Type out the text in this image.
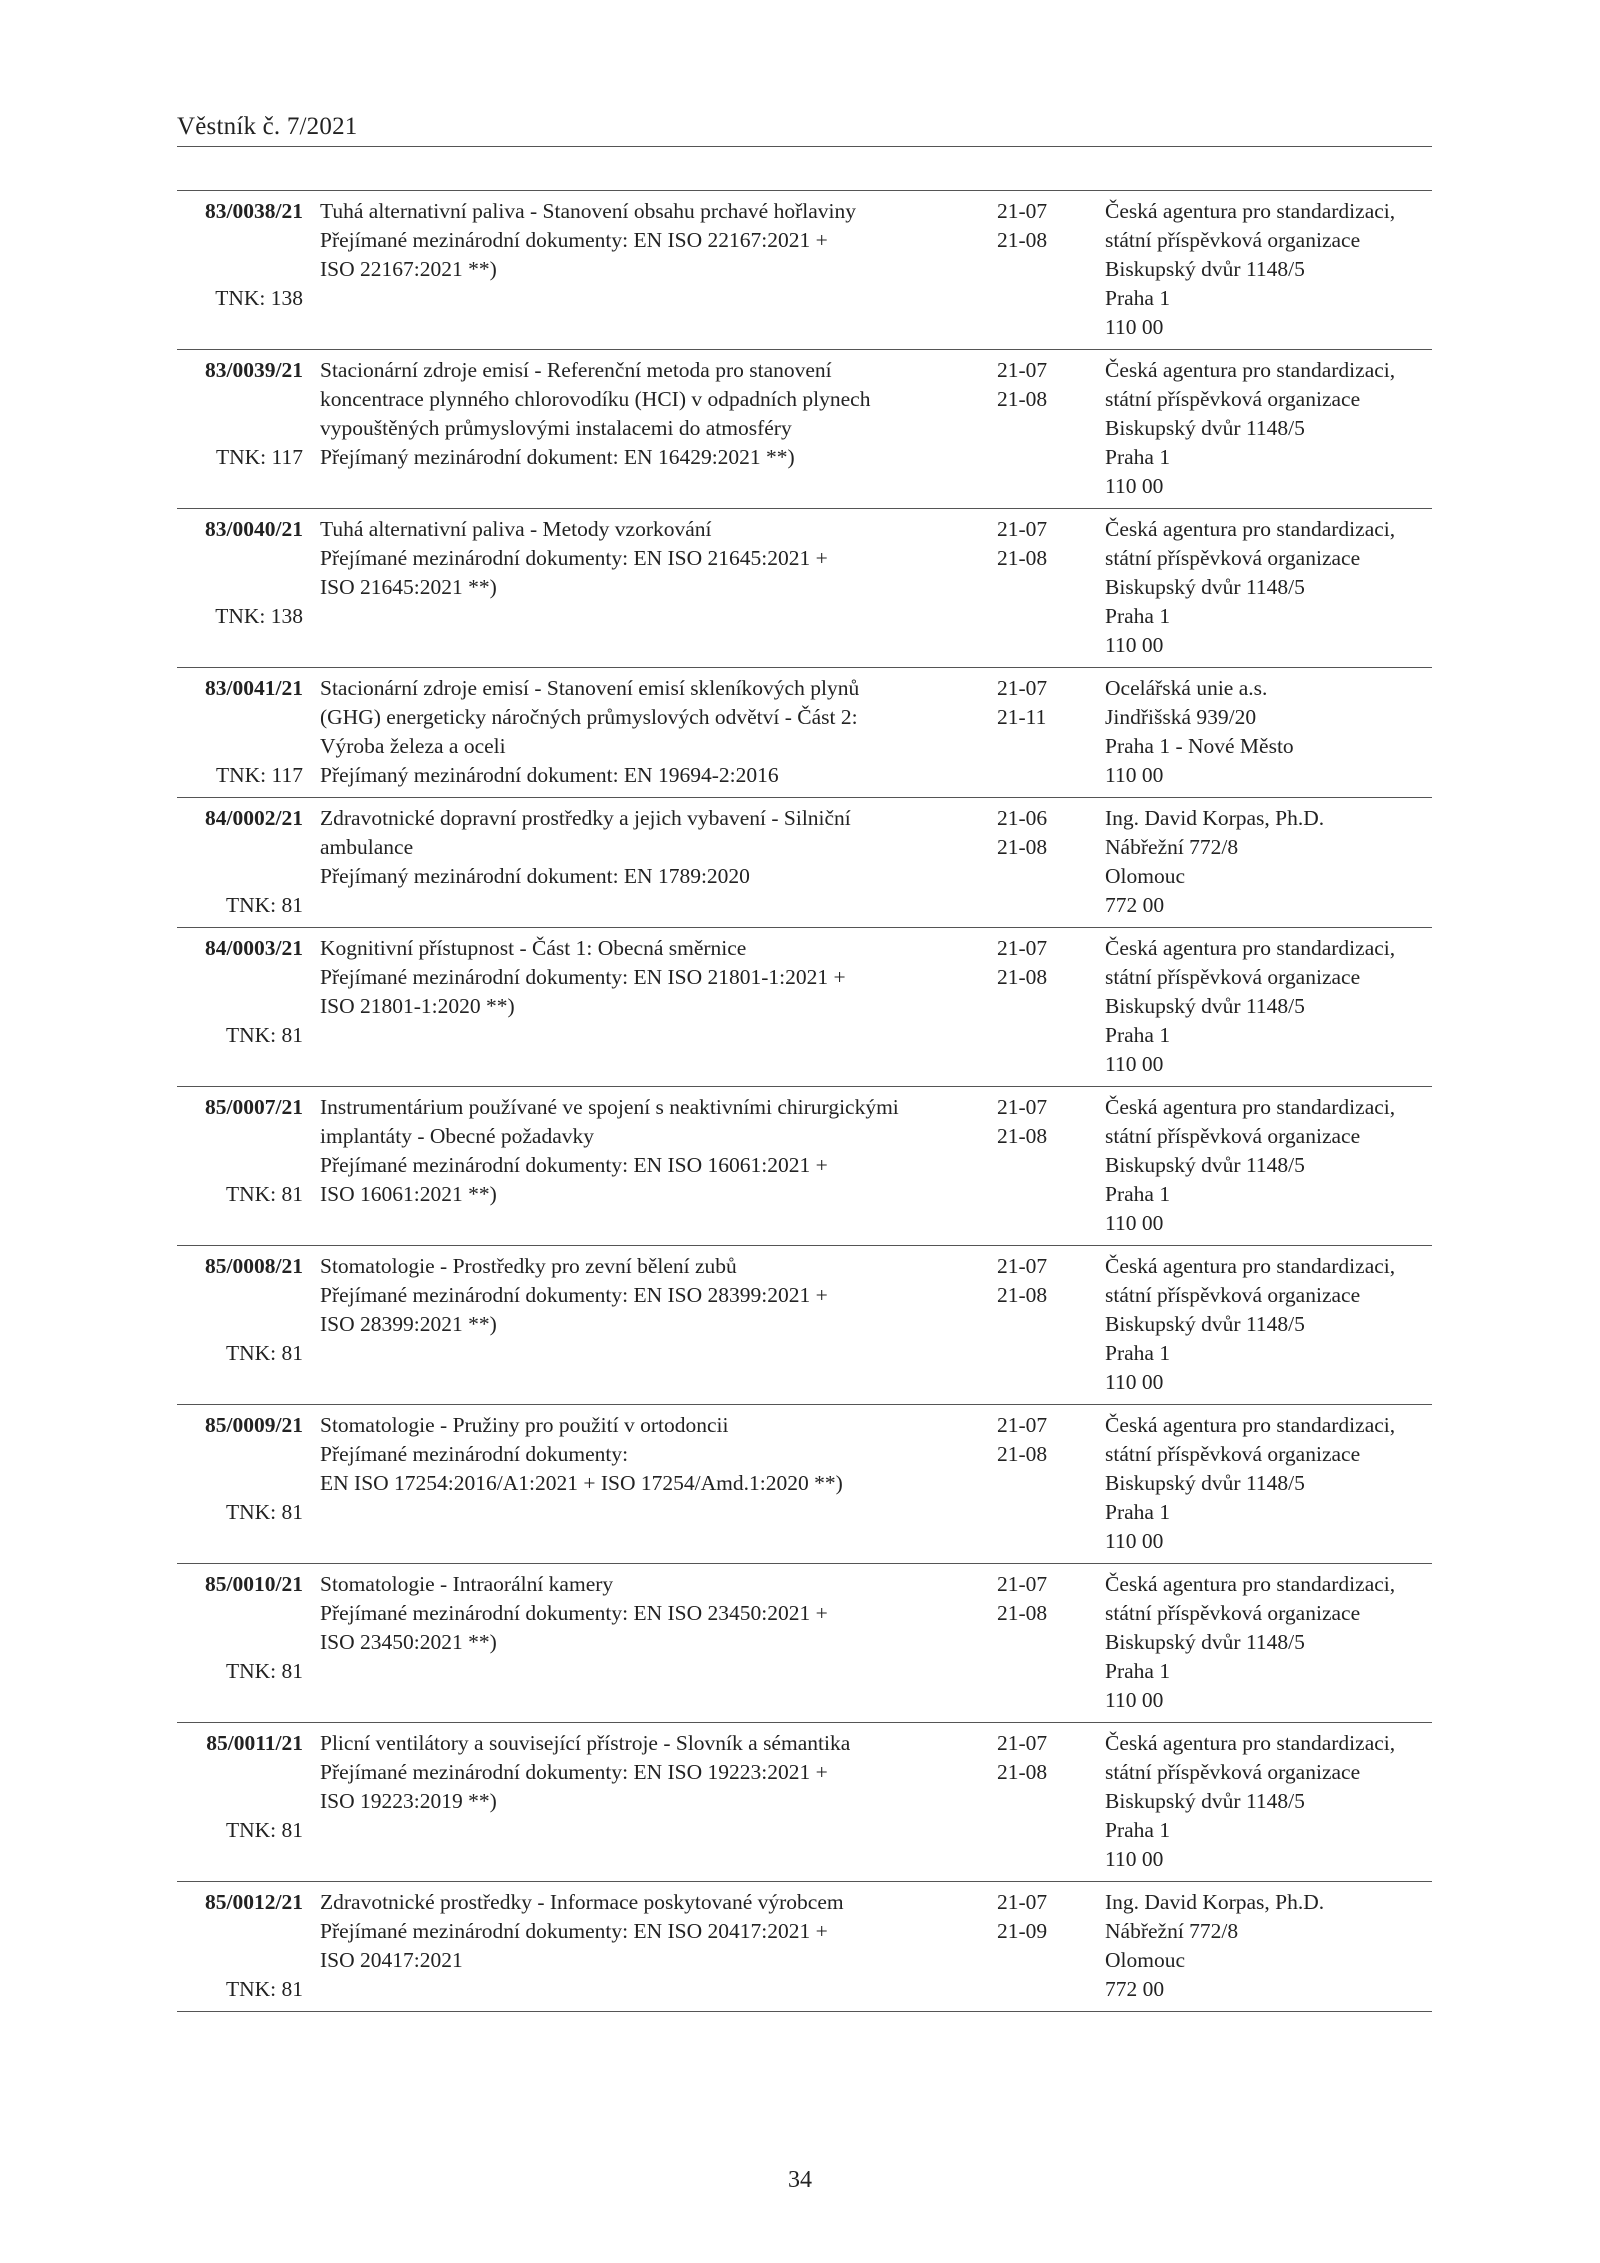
Věstník č. 7/2021
83/0038/21
TNK: 138
Tuhá alternativní paliva - Stanovení obsahu prchavé hořlaviny
Přejímané mezinárodní dokumenty: EN ISO 22167:2021 +
ISO 22167:2021 **)
21-07
21-08
Česká agentura pro standardizaci,
státní příspěvková organizace
Biskupský dvůr 1148/5
Praha 1
110 00
83/0039/21
TNK: 117
Stacionární zdroje emisí - Referenční metoda pro stanovení
koncentrace plynného chlorovodíku (HCI) v odpadních plynech
vypouštěných průmyslovými instalacemi do atmosféry
Přejímaný mezinárodní dokument: EN 16429:2021 **)
21-07
21-08
Česká agentura pro standardizaci,
státní příspěvková organizace
Biskupský dvůr 1148/5
Praha 1
110 00
83/0040/21
TNK: 138
Tuhá alternativní paliva - Metody vzorkování
Přejímané mezinárodní dokumenty: EN ISO 21645:2021 +
ISO 21645:2021 **)
21-07
21-08
Česká agentura pro standardizaci,
státní příspěvková organizace
Biskupský dvůr 1148/5
Praha 1
110 00
83/0041/21
TNK: 117
Stacionární zdroje emisí - Stanovení emisí skleníkových plynů
(GHG) energeticky náročných průmyslových odvětví - Část 2:
Výroba železa a oceli
Přejímaný mezinárodní dokument: EN 19694-2:2016
21-07
21-11
Ocelářská unie a.s.
Jindřišská 939/20
Praha 1 - Nové Město
110 00
84/0002/21
TNK: 81
Zdravotnické dopravní prostředky a jejich vybavení - Silniční
ambulance
Přejímaný mezinárodní dokument: EN 1789:2020
21-06
21-08
Ing. David Korpas, Ph.D.
Nábřežní 772/8
Olomouc
772 00
84/0003/21
TNK: 81
Kognitivní přístupnost - Část 1: Obecná směrnice
Přejímané mezinárodní dokumenty: EN ISO 21801-1:2021 +
ISO 21801-1:2020 **)
21-07
21-08
Česká agentura pro standardizaci,
státní příspěvková organizace
Biskupský dvůr 1148/5
Praha 1
110 00
85/0007/21
TNK: 81
Instrumentárium používané ve spojení s neaktivními chirurgickými
implantáty - Obecné požadavky
Přejímané mezinárodní dokumenty: EN ISO 16061:2021 +
ISO 16061:2021 **)
21-07
21-08
Česká agentura pro standardizaci,
státní příspěvková organizace
Biskupský dvůr 1148/5
Praha 1
110 00
85/0008/21
TNK: 81
Stomatologie - Prostředky pro zevní bělení zubů
Přejímané mezinárodní dokumenty: EN ISO 28399:2021 +
ISO 28399:2021 **)
21-07
21-08
Česká agentura pro standardizaci,
státní příspěvková organizace
Biskupský dvůr 1148/5
Praha 1
110 00
85/0009/21
TNK: 81
Stomatologie - Pružiny pro použití v ortodoncii
Přejímané mezinárodní dokumenty:
EN ISO 17254:2016/A1:2021 + ISO 17254/Amd.1:2020 **)
21-07
21-08
Česká agentura pro standardizaci,
státní příspěvková organizace
Biskupský dvůr 1148/5
Praha 1
110 00
85/0010/21
TNK: 81
Stomatologie - Intraorální kamery
Přejímané mezinárodní dokumenty: EN ISO 23450:2021 +
ISO 23450:2021 **)
21-07
21-08
Česká agentura pro standardizaci,
státní příspěvková organizace
Biskupský dvůr 1148/5
Praha 1
110 00
85/0011/21
TNK: 81
Plicní ventilátory a související přístroje - Slovník a sémantika
Přejímané mezinárodní dokumenty: EN ISO 19223:2021 +
ISO 19223:2019 **)
21-07
21-08
Česká agentura pro standardizaci,
státní příspěvková organizace
Biskupský dvůr 1148/5
Praha 1
110 00
85/0012/21
TNK: 81
Zdravotnické prostředky - Informace poskytované výrobcem
Přejímané mezinárodní dokumenty: EN ISO 20417:2021 +
ISO 20417:2021
21-07
21-09
Ing. David Korpas, Ph.D.
Nábřežní 772/8
Olomouc
772 00
34
